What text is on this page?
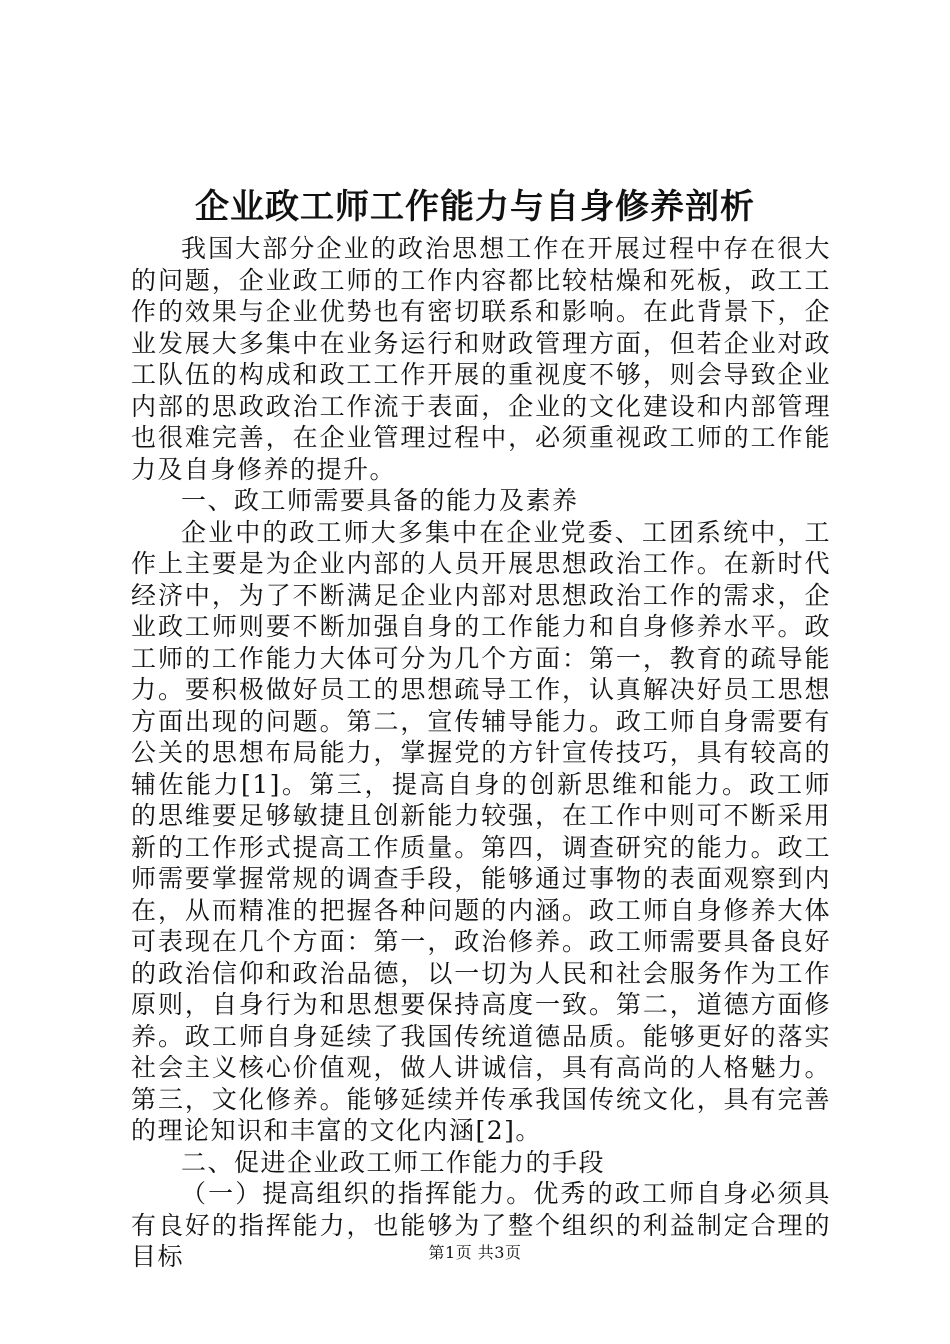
企业政工师工作能力与自身修养剖析

我国大部分企业的政治思想工作在开展过程中存在很大的问题，企业政工师的工作内容都比较枯燥和死板，政工工作的效果与企业优势也有密切联系和影响。在此背景下，企业发展大多集中在业务运行和财政管理方面，但若企业对政工队伍的构成和政工工作开展的重视度不够，则会导致企业内部的思政政治工作流于表面，企业的文化建设和内部管理也很难完善，在企业管理过程中，必须重视政工师的工作能力及自身修养的提升。

一、政工师需要具备的能力及素养

企业中的政工师大多集中在企业党委、工团系统中，工作上主要是为企业内部的人员开展思想政治工作。在新时代经济中，为了不断满足企业内部对思想政治工作的需求，企业政工师则要不断加强自身的工作能力和自身修养水平。政工师的工作能力大体可分为几个方面：第一，教育的疏导能力。要积极做好员工的思想疏导工作，认真解决好员工思想方面出现的问题。第二，宣传辅导能力。政工师自身需要有公关的思想布局能力，掌握党的方针宣传技巧，具有较高的辅佐能力[1]。第三，提高自身的创新思维和能力。政工师的思维要足够敏捷且创新能力较强，在工作中则可不断采用新的工作形式提高工作质量。第四，调查研究的能力。政工师需要掌握常规的调查手段，能够通过事物的表面观察到内在，从而精准的把握各种问题的内涵。政工师自身修养大体可表现在几个方面：第一，政治修养。政工师需要具备良好的政治信仰和政治品德，以一切为人民和社会服务作为工作原则，自身行为和思想要保持高度一致。第二，道德方面修养。政工师自身延续了我国传统道德品质。能够更好的落实社会主义核心价值观，做人讲诚信，具有高尚的人格魅力。第三，文化修养。能够延续并传承我国传统文化，具有完善的理论知识和丰富的文化内涵[2]。

二、促进企业政工师工作能力的手段

（一）提高组织的指挥能力。优秀的政工师自身必须具有良好的指挥能力，也能够为了整个组织的利益制定合理的目标	第1页 共3页
